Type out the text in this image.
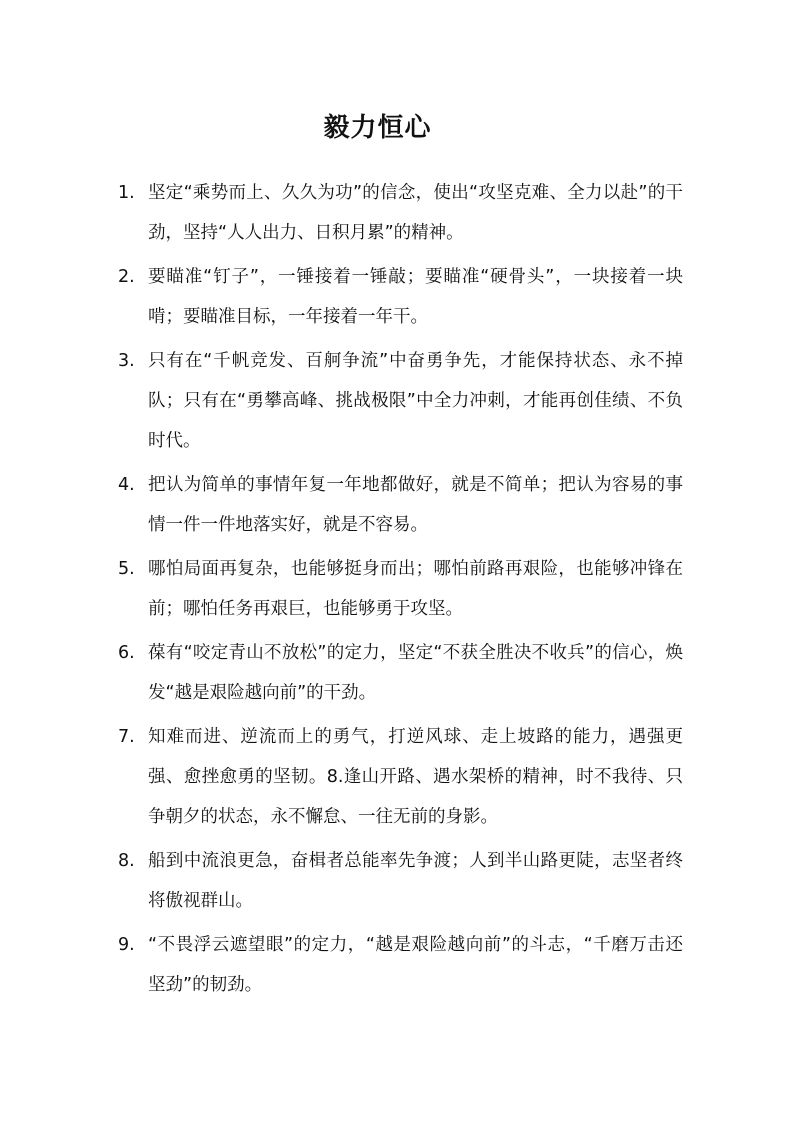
毅力恒心
1. 坚定“乘势而上、久久为功”的信念，使出“攻坚克难、全力以赴”的干劲，坚持“人人出力、日积月累”的精神。
2. 要瞄准“钉子”，一锤接着一锤敲；要瞄准“硬骨头”，一块接着一块啃；要瞄准目标，一年接着一年干。
3. 只有在“千帆竞发、百舸争流”中奋勇争先，才能保持状态、永不掉队；只有在“勇攀高峰、挑战极限”中全力冲刺，才能再创佳绩、不负时代。
4. 把认为简单的事情年复一年地都做好，就是不简单；把认为容易的事情一件一件地落实好，就是不容易。
5. 哪怕局面再复杂，也能够挺身而出；哪怕前路再艰险，也能够冲锋在前；哪怕任务再艰巨，也能够勇于攻坚。
6. 葆有“咬定青山不放松”的定力，坚定“不获全胜决不收兵”的信心，焕发“越是艰险越向前”的干劲。
7. 知难而进、逆流而上的勇气，打逆风球、走上坡路的能力，遇强更强、愈挫愈勇的坚韧。8.逢山开路、遇水架桥的精神，时不我待、只争朝夕的状态，永不懈怠、一往无前的身影。
8. 船到中流浪更急，奋楫者总能率先争渡；人到半山路更陡，志坚者终将傲视群山。
9. “不畏浮云遮望眼”的定力，“越是艰险越向前”的斗志，“千磨万击还坚劲”的韧劲。
